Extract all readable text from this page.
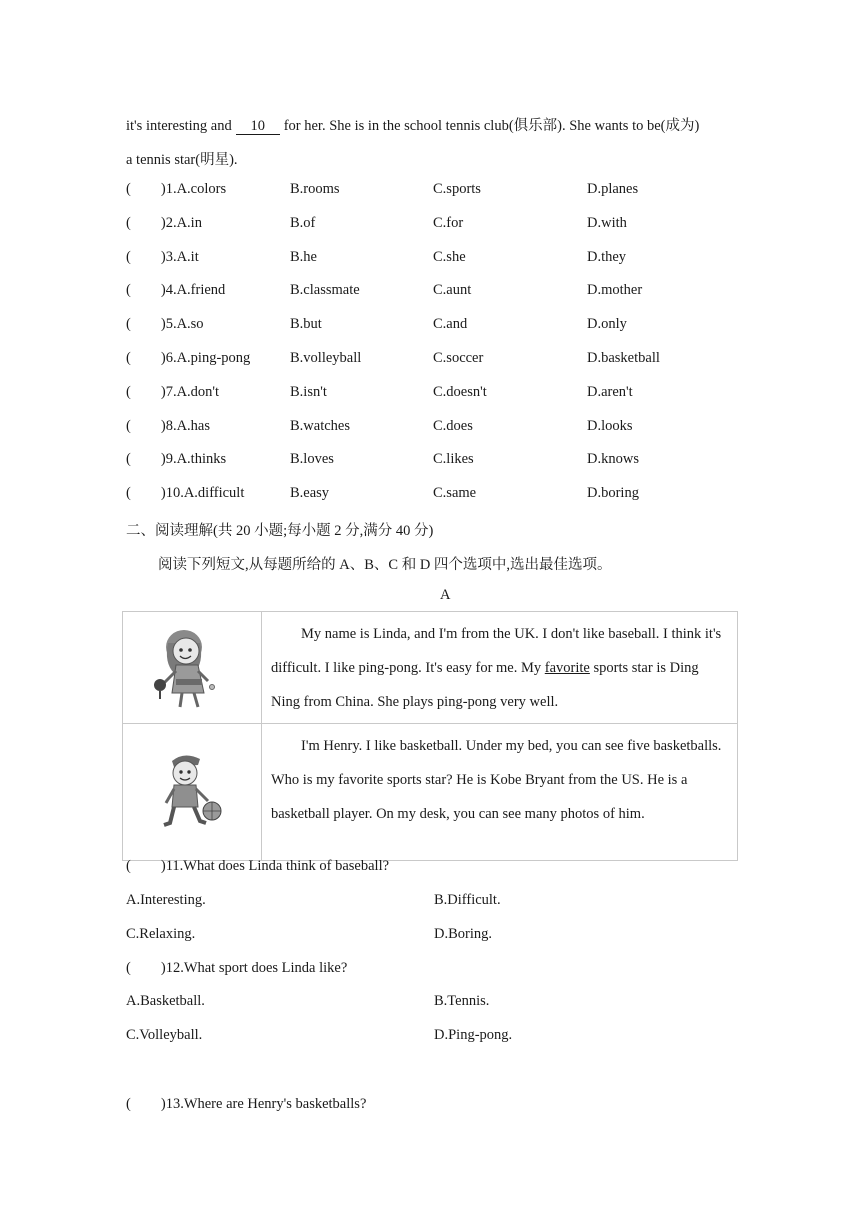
it's interesting and 10 for her. She is in the school tennis club(俱乐部). She wants to be(成为)
a tennis star(明星).
( )1.A.colors	B.rooms	C.sports	D.planes
( )2.A.in	B.of	C.for	D.with
( )3.A.it	B.he	C.she	D.they
( )4.A.friend	B.classmate	C.aunt	D.mother
( )5.A.so	B.but	C.and	D.only
( )6.A.ping-pong	B.volleyball	C.soccer	D.basketball
( )7.A.don't	B.isn't	C.doesn't	D.aren't
( )8.A.has	B.watches	C.does	D.looks
( )9.A.thinks	B.loves	C.likes	D.knows
( )10.A.difficult	B.easy	C.same	D.boring
二、阅读理解(共 20 小题;每小题 2 分,满分 40 分)
阅读下列短文,从每题所给的 A、B、C 和 D 四个选项中,选出最佳选项。
A
	My name is Linda, and I'm from the UK. I don't like baseball. I think it's difficult. I like ping-pong. It's easy for me. My favorite sports star is Ding Ning from China. She plays ping-pong very well.

	I'm Henry. I like basketball. Under my bed, you can see five basketballs. Who is my favorite sports star? He is Kobe Bryant from the US. He is a basketball player. On my desk, you can see many photos of him.
( )11.What does Linda think of baseball?
A.Interesting.	B.Difficult.
C.Relaxing.	D.Boring.
( )12.What sport does Linda like?
A.Basketball.	B.Tennis.
C.Volleyball.	D.Ping-pong.
( )13.Where are Henry's basketballs?
